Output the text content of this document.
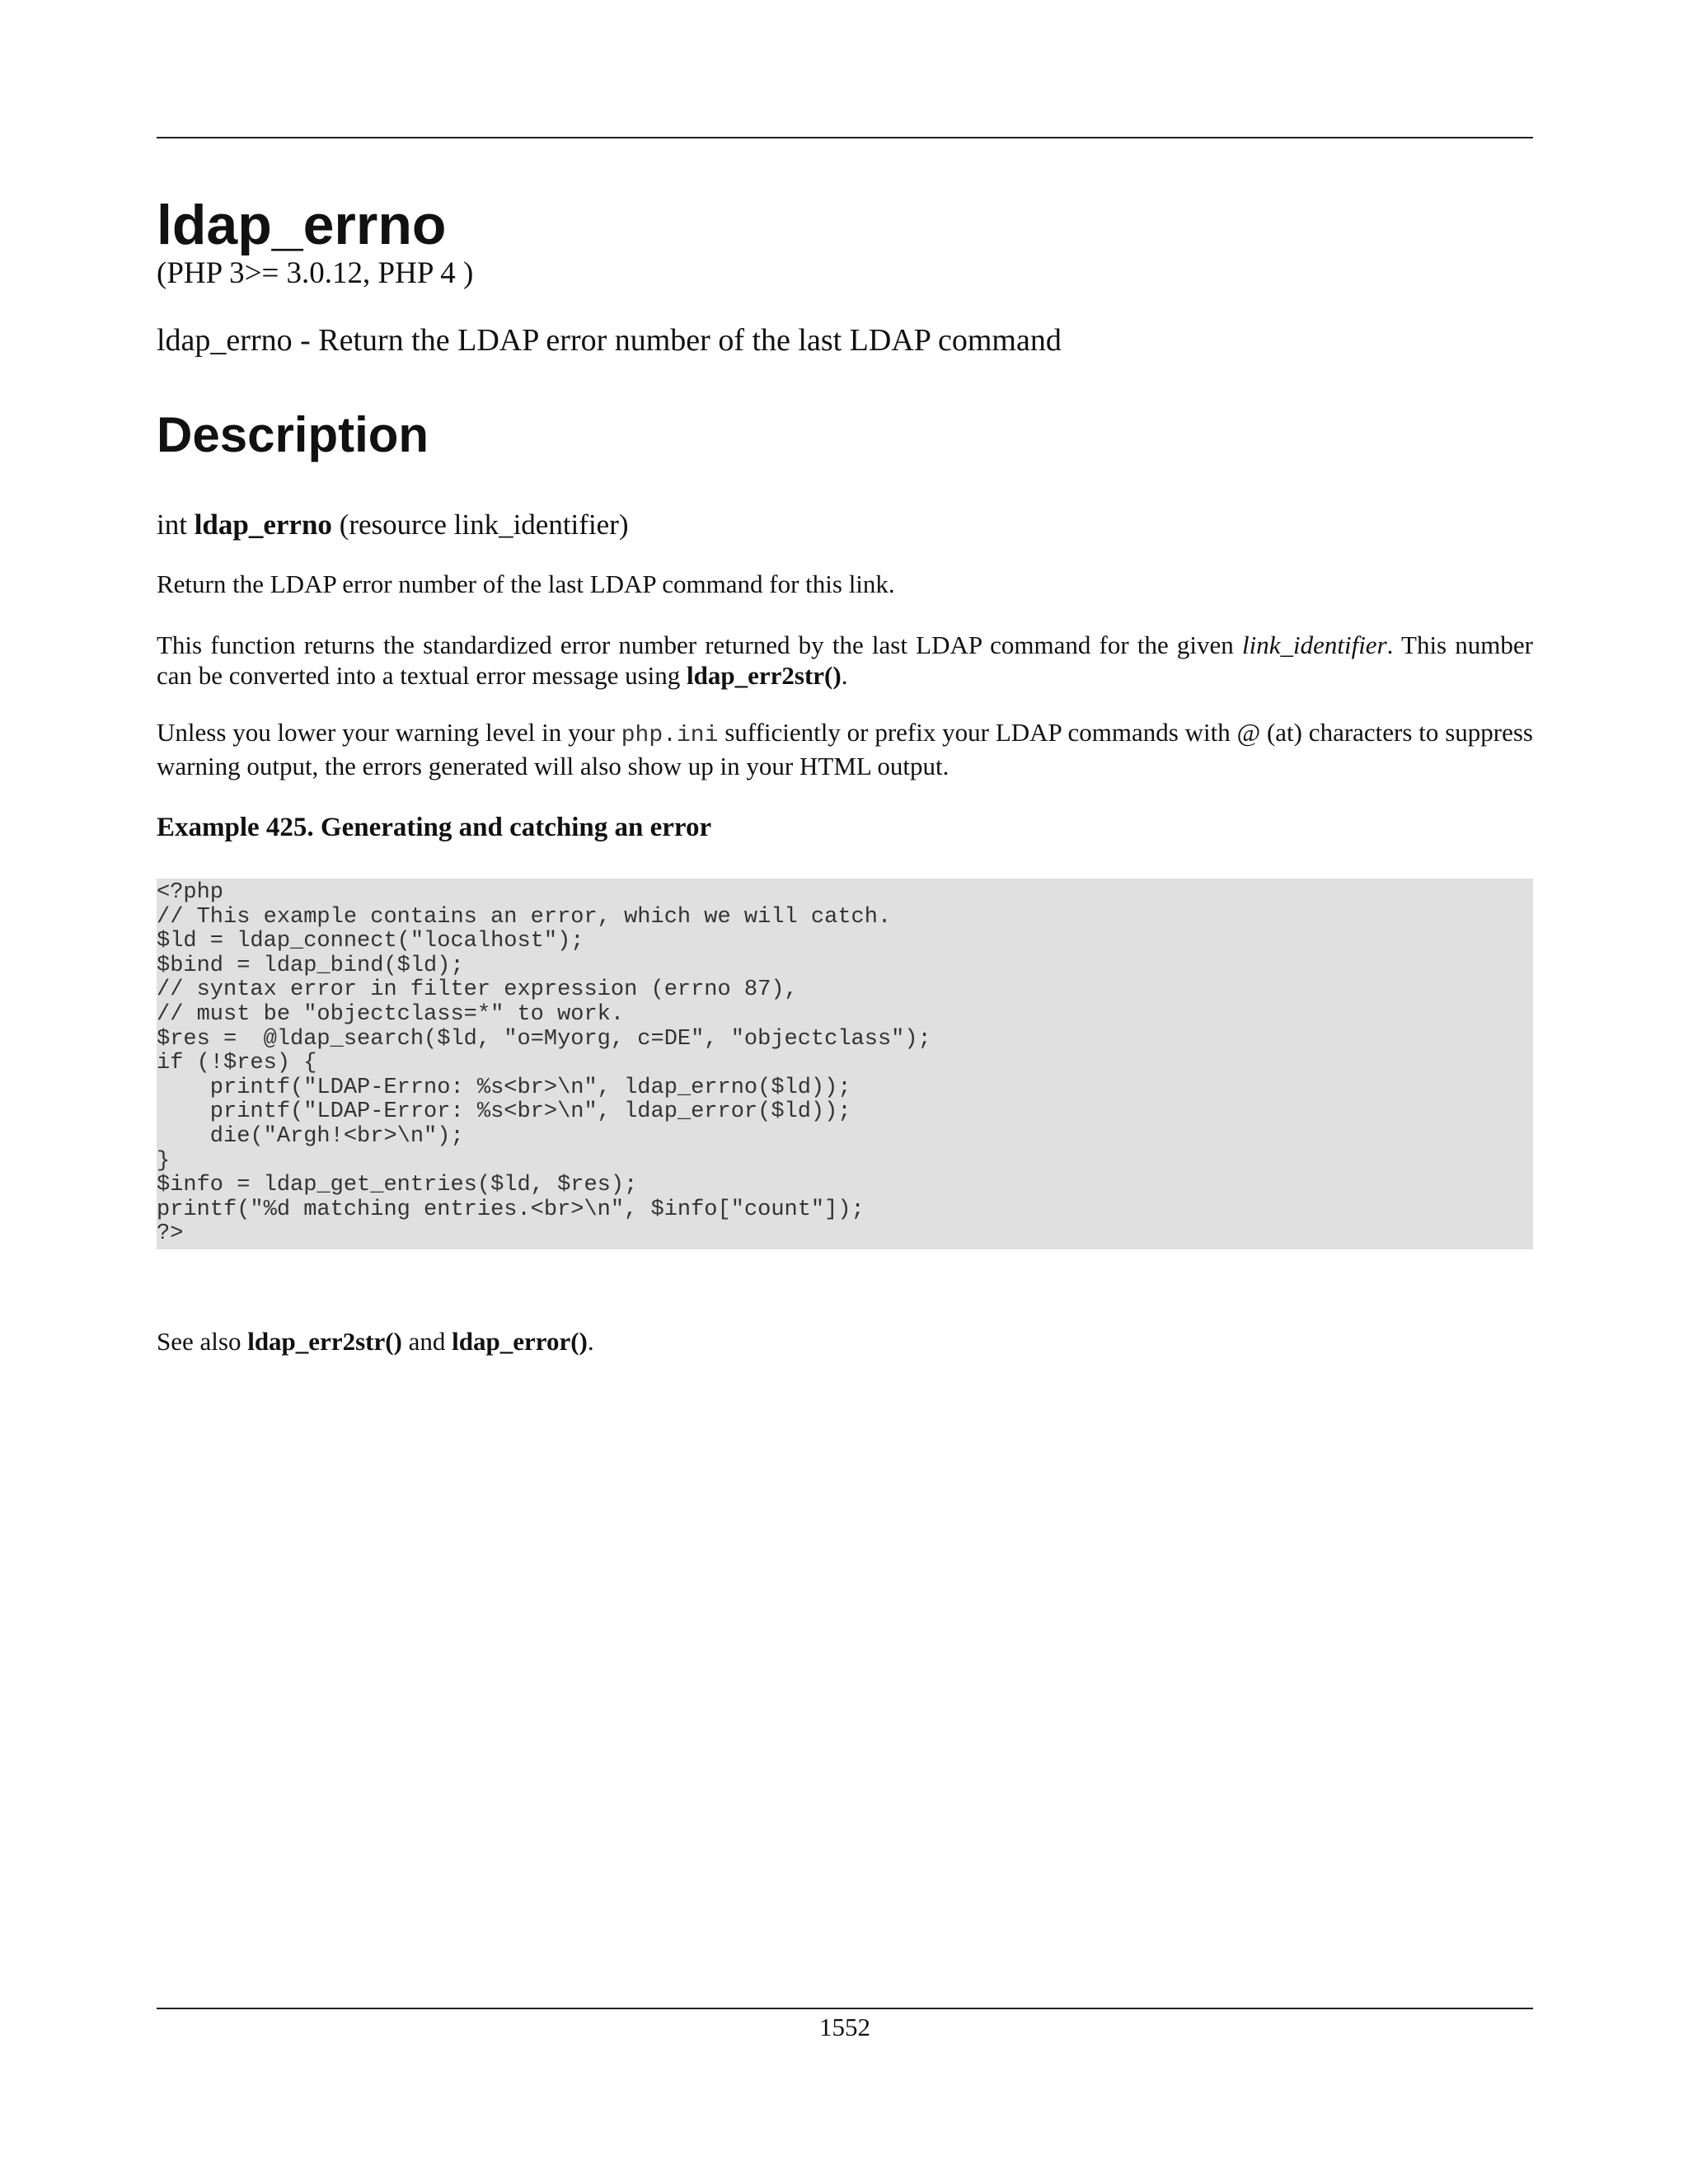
ldap_errno
(PHP 3>= 3.0.12, PHP 4 )
ldap_errno - Return the LDAP error number of the last LDAP command
Description
int ldap_errno (resource link_identifier)

Return the LDAP error number of the last LDAP command for this link.

This function returns the standardized error number returned by the last LDAP command for the given link_identifier. This number can be converted into a textual error message using ldap_err2str().

Unless you lower your warning level in your php.ini sufficiently or prefix your LDAP commands with @ (at) characters to suppress warning output, the errors generated will also show up in your HTML output.

Example 425. Generating and catching an error
<?php
// This example contains an error, which we will catch.
$ld = ldap_connect("localhost");
$bind = ldap_bind($ld);
// syntax error in filter expression (errno 87),
// must be "objectclass=*" to work.
$res =  @ldap_search($ld, "o=Myorg, c=DE", "objectclass");
if (!$res) {
printf("LDAP-Errno: %s<br>\n", ldap_errno($ld));
printf("LDAP-Error: %s<br>\n", ldap_error($ld));
die("Argh!<br>\n");
}
$info = ldap_get_entries($ld, $res);
printf("%d matching entries.<br>\n", $info["count"]);
?>
See also ldap_err2str() and ldap_error().
1552
